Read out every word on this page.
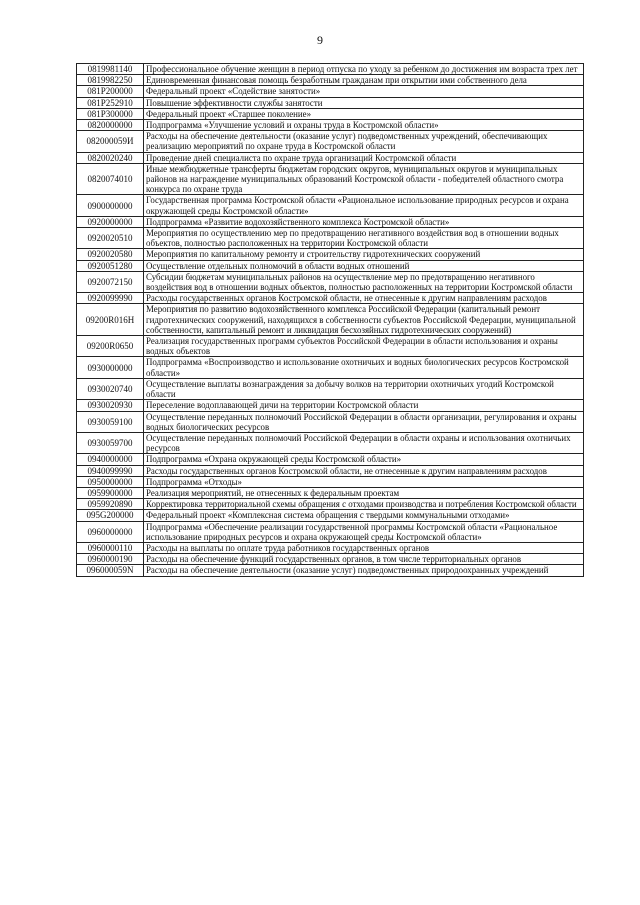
9
0819981140	Профессиональное обучение женщин в период отпуска по уходу за ребенком до достижения им возраста трех лет
0819982250	Единовременная финансовая помощь безработным гражданам при открытии ими собственного дела
081P200000	Федеральный проект «Содействие занятости»
081P252910	Повышение эффективности службы занятости
081P300000	Федеральный проект «Старшее поколение»
0820000000	Подпрограмма «Улучшение условий и охраны труда в Костромской области»
082000059И	Расходы на обеспечение деятельности (оказание услуг) подведомственных учреждений, обеспечивающих реализацию мероприятий по охране труда в Костромской области
0820020240	Проведение дней специалиста по охране труда организаций Костромской области
0820074010	Иные межбюджетные трансферты бюджетам городских округов, муниципальных округов и муниципальных районов на награждение муниципальных образований Костромской области - победителей областного смотра конкурса по охране труда
0900000000	Государственная программа Костромской области «Рациональное использование природных ресурсов и охрана окружающей среды Костромской области»
0920000000	Подпрограмма «Развитие водохозяйственного комплекса Костромской области»
0920020510	Мероприятия по осуществлению мер по предотвращению негативного воздействия вод в отношении водных объектов, полностью расположенных на территории Костромской области
0920020580	Мероприятия по капитальному ремонту и строительству гидротехнических сооружений
0920051280	Осуществление отдельных полномочий в области водных отношений
0920072150	Субсидии бюджетам муниципальных районов на осуществление мер по предотвращению негативного воздействия вод в отношении водных объектов, полностью расположенных на территории Костромской области
0920099990	Расходы государственных органов Костромской области, не отнесенные к другим направлениям расходов
09200R016H	Мероприятия по развитию водохозяйственного комплекса Российской Федерации (капитальный ремонт гидротехнических сооружений, находящихся в собственности субъектов Российской Федерации, муниципальной собственности, капитальный ремонт и ликвидация бесхозяйных гидротехнических сооружений)
09200R0650	Реализация государственных программ субъектов Российской Федерации в области использования и охраны водных объектов
0930000000	Подпрограмма «Воспроизводство и использование охотничьих и водных биологических ресурсов Костромской области»
0930020740	Осуществление выплаты вознаграждения за добычу волков на территории охотничьих угодий Костромской области
0930020930	Переселение водоплавающей дичи на территории Костромской области
0930059100	Осуществление переданных полномочий Российской Федерации в области организации, регулирования и охраны водных биологических ресурсов
0930059700	Осуществление переданных полномочий Российской Федерации в области охраны и использования охотничьих ресурсов
0940000000	Подпрограмма «Охрана окружающей среды Костромской области»
0940099990	Расходы государственных органов Костромской области, не отнесенные к другим направлениям расходов
0950000000	Подпрограмма «Отходы»
0959900000	Реализация мероприятий, не отнесенных к федеральным проектам
0959920890	Корректировка территориальной схемы обращения с отходами производства и потребления Костромской области
095G200000	Федеральный проект «Комплексная система обращения с твердыми коммунальными отходами»
0960000000	Подпрограмма «Обеспечение реализации государственной программы Костромской области «Рациональное использование природных ресурсов и охрана окружающей среды Костромской области»
0960000110	Расходы на выплаты по оплате труда работников государственных органов
0960000190	Расходы на обеспечение функций государственных органов, в том числе территориальных органов
096000059N	Расходы на обеспечение деятельности (оказание услуг) подведомственных природоохранных учреждений
